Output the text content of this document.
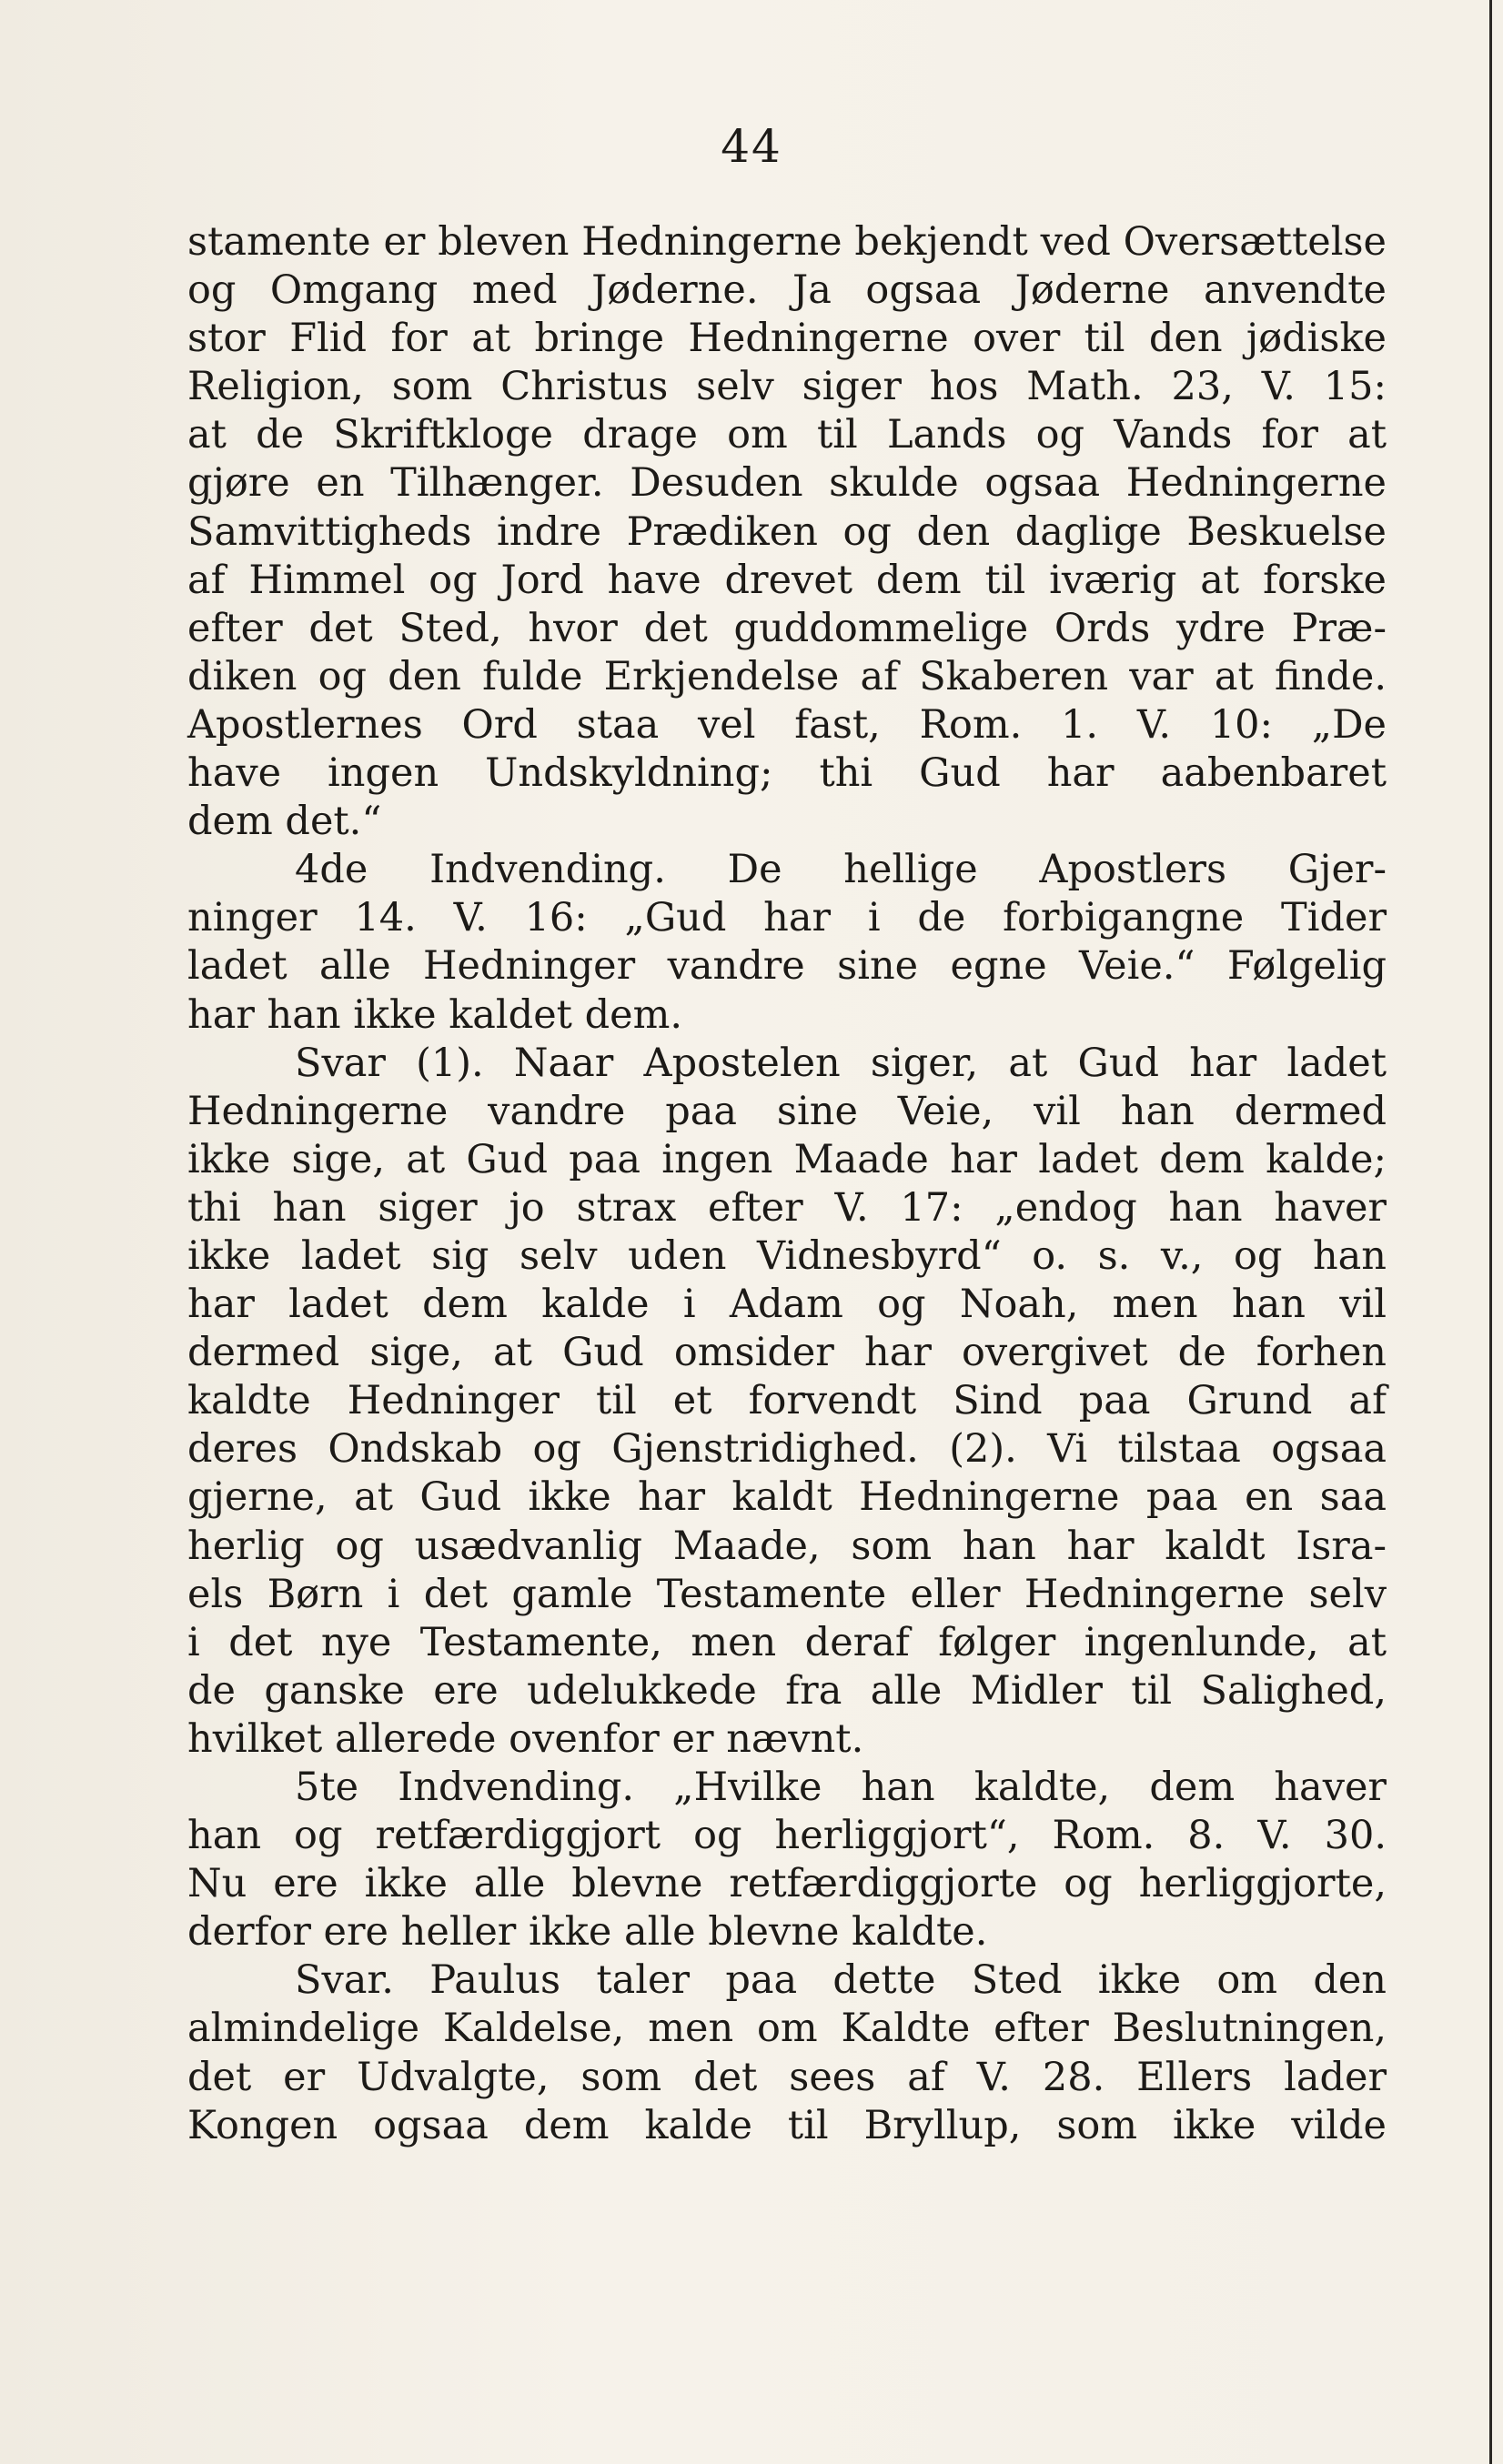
44
stamente er bleven Hedningerne bekjendt ved Oversættelse
og Omgang med Jøderne. Ja ogsaa Jøderne anvendte
stor Flid for at bringe Hedningerne over til den jødiske
Religion, som Christus selv siger hos Math. 23, V. 15:
at de Skriftkloge drage om til Lands og Vands for at
gjøre en Tilhænger. Desuden skulde ogsaa Hedningerne
Samvittigheds indre Prædiken og den daglige Beskuelse
af Himmel og Jord have drevet dem til iværig at forske
efter det Sted, hvor det guddommelige Ords ydre Præ-
diken og den fulde Erkjendelse af Skaberen var at finde.
Apostlernes Ord staa vel fast, Rom. 1. V. 10: „De
have ingen Undskyldning; thi Gud har aabenbaret
dem det.“
4de Indvending. De hellige Apostlers Gjer-
ninger 14. V. 16: „Gud har i de forbigangne Tider
ladet alle Hedninger vandre sine egne Veie.“ Følgelig
har han ikke kaldet dem.
Svar (1). Naar Apostelen siger, at Gud har ladet
Hedningerne vandre paa sine Veie, vil han dermed
ikke sige, at Gud paa ingen Maade har ladet dem kalde;
thi han siger jo strax efter V. 17: „endog han haver
ikke ladet sig selv uden Vidnesbyrd“ o. s. v., og han
har ladet dem kalde i Adam og Noah, men han vil
dermed sige, at Gud omsider har overgivet de forhen
kaldte Hedninger til et forvendt Sind paa Grund af
deres Ondskab og Gjenstridighed. (2). Vi tilstaa ogsaa
gjerne, at Gud ikke har kaldt Hedningerne paa en saa
herlig og usædvanlig Maade, som han har kaldt Isra-
els Børn i det gamle Testamente eller Hedningerne selv
i det nye Testamente, men deraf følger ingenlunde, at
de ganske ere udelukkede fra alle Midler til Salighed,
hvilket allerede ovenfor er nævnt.
5te Indvending. „Hvilke han kaldte, dem haver
han og retfærdiggjort og herliggjort“, Rom. 8. V. 30.
Nu ere ikke alle blevne retfærdiggjorte og herliggjorte,
derfor ere heller ikke alle blevne kaldte.
Svar. Paulus taler paa dette Sted ikke om den
almindelige Kaldelse, men om Kaldte efter Beslutningen,
det er Udvalgte, som det sees af V. 28. Ellers lader
Kongen ogsaa dem kalde til Bryllup, som ikke vilde
